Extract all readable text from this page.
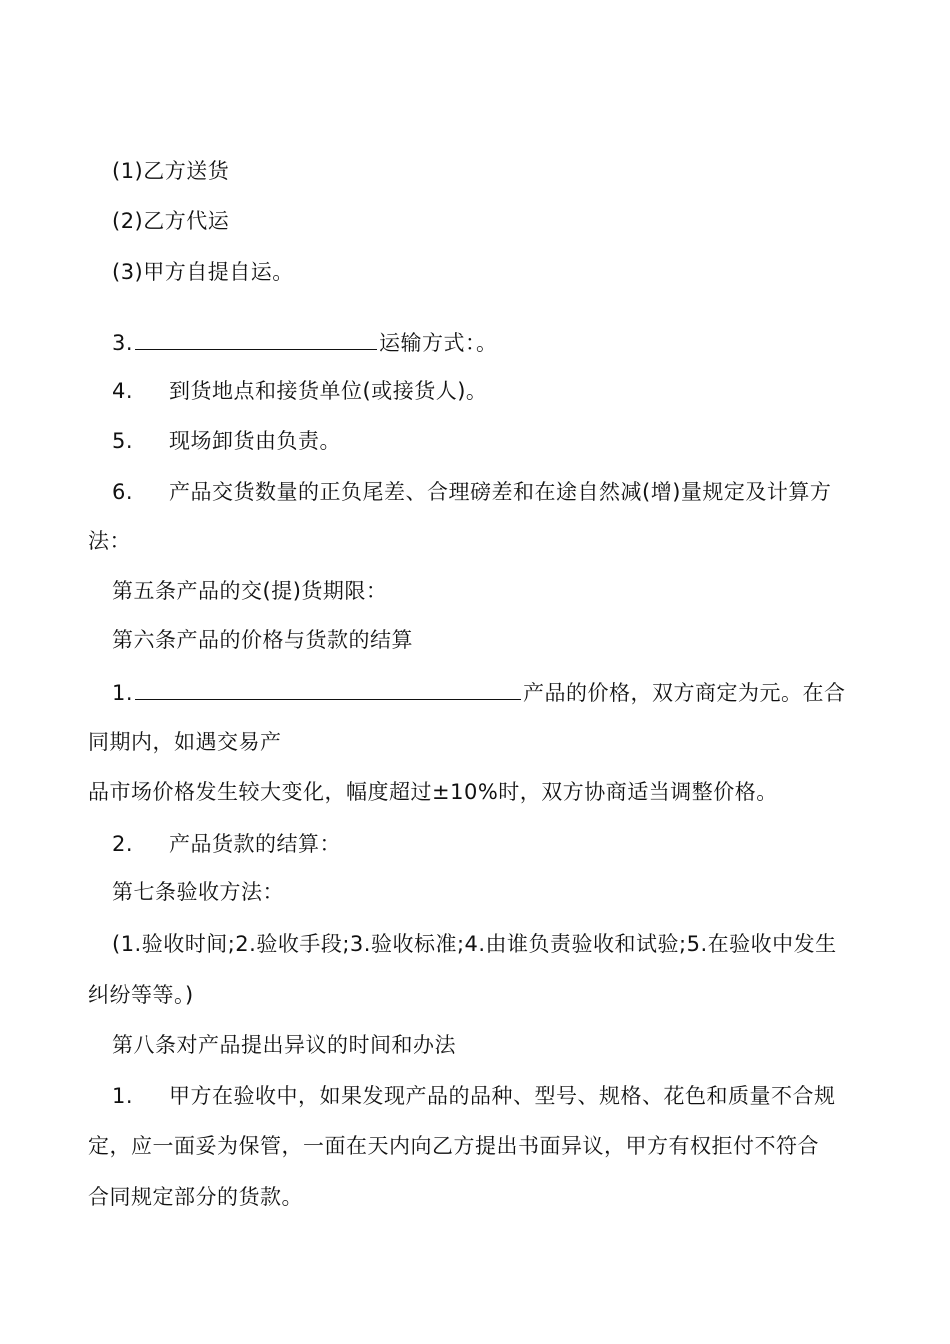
(1)乙方送货
(2)乙方代运
(3)甲方自提自运。
3.	运输方式：。
4. 到货地点和接货单位(或接货人)。
5. 现场卸货由负责。
6. 产品交货数量的正负尾差、合理磅差和在途自然减(增)量规定及计算方
法：
第五条产品的交(提)货期限：
第六条产品的价格与货款的结算
1.	产品的价格，双方商定为元。在合
同期内，如遇交易产
品市场价格发生较大变化，幅度超过±10%时，双方协商适当调整价格。
2. 产品货款的结算：
第七条验收方法：
(1.验收时间;2.验收手段;3.验收标准;4.由谁负责验收和试验;5.在验收中发生
纠纷等等。)
第八条对产品提出异议的时间和办法
1. 甲方在验收中，如果发现产品的品种、型号、规格、花色和质量不合规
定，应一面妥为保管，一面在天内向乙方提出书面异议，甲方有权拒付不符合
合同规定部分的货款。
